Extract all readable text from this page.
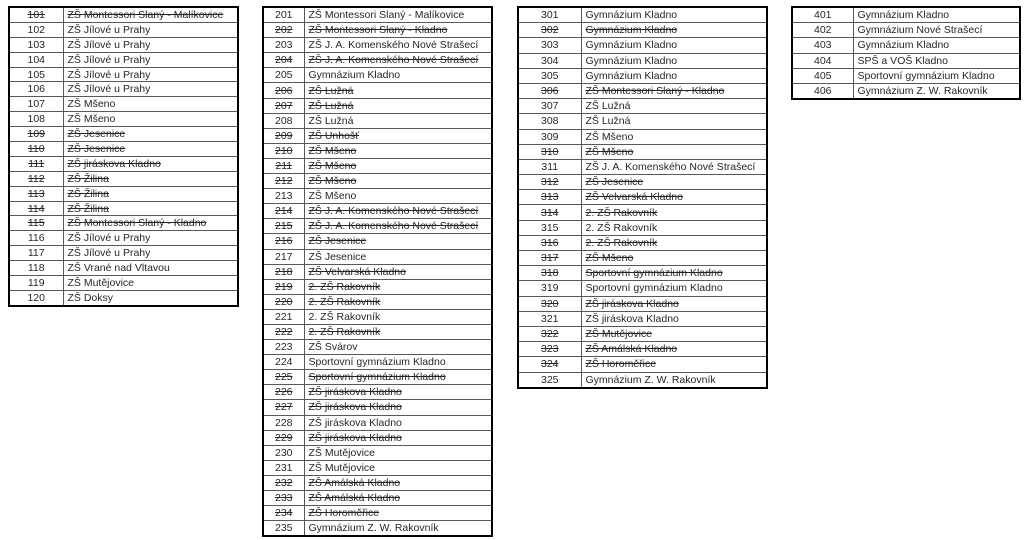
101	ZŠ Montessori Slaný - Malíkovice
102	ZŠ Jílové u Prahy
103	ZŠ Jílové u Prahy
104	ZŠ Jílové u Prahy
105	ZŠ Jílové u Prahy
106	ZŠ Jílové u Prahy
107	ZŠ Mšeno
108	ZŠ Mšeno
109	ZŠ Jesenice
110	ZŠ Jesenice
111	ZŠ jiráskova Kladno
112	ZŠ Žilina
113	ZŠ Žilina
114	ZŠ Žilina
115	ZŠ Montessori Slaný - Kladno
116	ZŠ Jílové u Prahy
117	ZŠ Jílové u Prahy
118	ZŠ Vrané nad Vltavou
119	ZŠ Mutějovice
120	ZŠ Doksy
201	ZŠ Montessori Slaný - Malíkovice
202	ZŠ Montessori Slaný - Kladno
203	ZŠ J. A. Komenského Nové Strašecí
204	ZŠ J. A. Komenského Nové Strašecí
205	Gymnázium Kladno
206	ZŠ Lužná
207	ZŠ Lužná
208	ZŠ Lužná
209	ZŠ Unhošť
210	ZŠ Mšeno
211	ZŠ Mšeno
212	ZŠ Mšeno
213	ZŠ Mšeno
214	ZŠ J. A. Komenského Nové Strašecí
215	ZŠ J. A. Komenského Nové Strašecí
216	ZŠ Jesenice
217	ZŠ Jesenice
218	ZŠ Velvarská Kladno
219	2. ZŠ Rakovník
220	2. ZŠ Rakovník
221	2. ZŠ Rakovník
222	2. ZŠ Rakovník
223	ZŠ Svárov
224	Sportovní gymnázium Kladno
225	Sportovní gymnázium Kladno
226	ZŠ jiráskova Kladno
227	ZŠ jiráskova Kladno
228	ZŠ jiráskova Kladno
229	ZŠ jiráskova Kladno
230	ZŠ Mutějovice
231	ZŠ Mutějovice
232	ZŠ Amálská Kladno
233	ZŠ Amálská Kladno
234	ZŠ Horoměřice
235	Gymnázium Z. W. Rakovník
301	Gymnázium Kladno
302	Gymnázium Kladno
303	Gymnázium Kladno
304	Gymnázium Kladno
305	Gymnázium Kladno
306	ZŠ Montessori Slaný - Kladno
307	ZŠ Lužná
308	ZŠ Lužná
309	ZŠ Mšeno
310	ZŠ Mšeno
311	ZŠ J. A. Komenského Nové Strašecí
312	ZŠ Jesenice
313	ZŠ Velvarská Kladno
314	2. ZŠ Rakovník
315	2. ZŠ Rakovník
316	2. ZŠ Rakovník
317	ZŠ Mšeno
318	Sportovní gymnázium Kladno
319	Sportovní gymnázium Kladno
320	ZŠ jiráskova Kladno
321	ZŠ jiráskova Kladno
322	ZŠ Mutějovice
323	ZŠ Amálská Kladno
324	ZŠ Horoměřice
325	Gymnázium Z. W. Rakovník
401	Gymnázium Kladno
402	Gymnázium Nové Strašecí
403	Gymnázium Kladno
404	SPŠ a VOŠ Kladno
405	Sportovní gymnázium Kladno
406	Gymnázium Z. W. Rakovník
